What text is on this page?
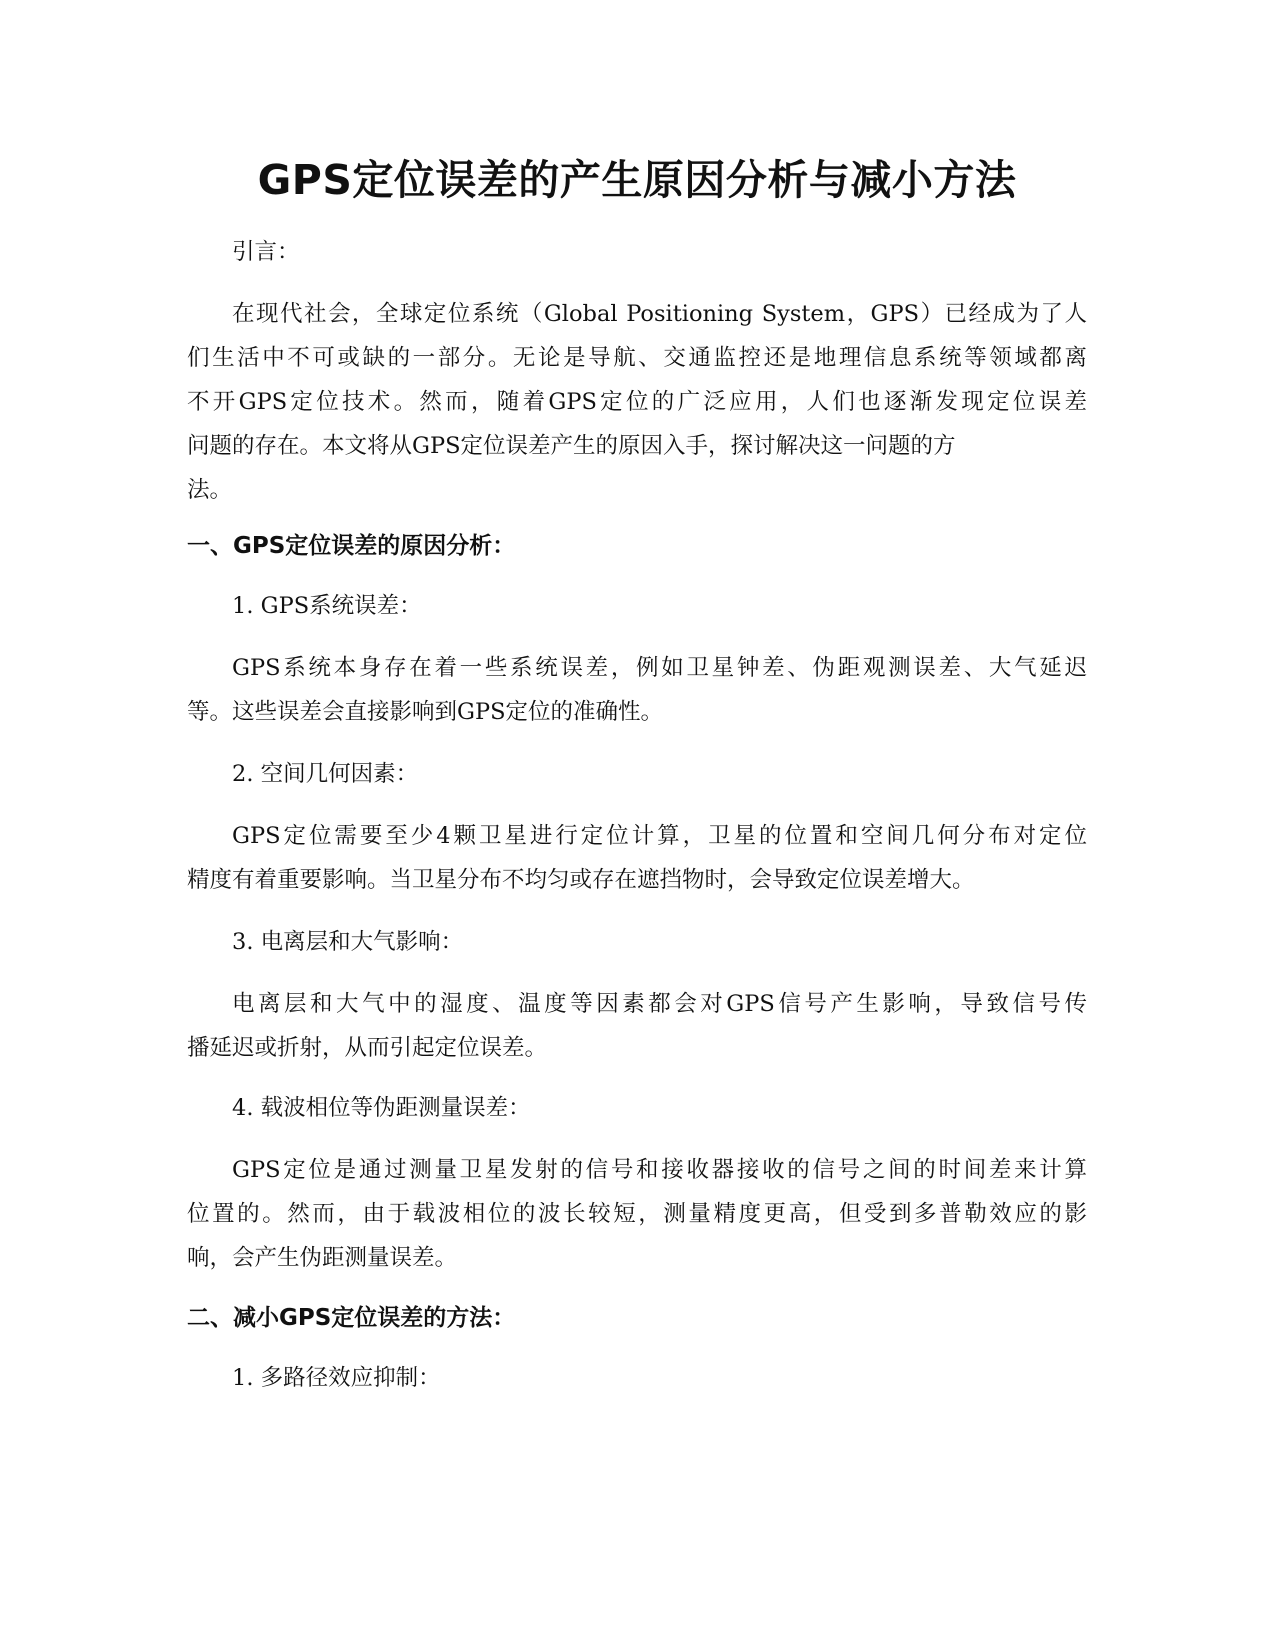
GPS定位误差的产生原因分析与减小方法
引言：
在现代社会，全球定位系统（Global Positioning System，GPS）已经成为了人
们生活中不可或缺的一部分。无论是导航、交通监控还是地理信息系统等领域都离
不开GPS定位技术。然而，随着GPS定位的广泛应用，人们也逐渐发现定位误差
问题的存在。本文将从GPS定位误差产生的原因入手，探讨解决这一问题的方
法。
一、GPS定位误差的原因分析：
1. GPS系统误差：
GPS系统本身存在着一些系统误差，例如卫星钟差、伪距观测误差、大气延迟
等。这些误差会直接影响到GPS定位的准确性。
2. 空间几何因素：
GPS定位需要至少4颗卫星进行定位计算，卫星的位置和空间几何分布对定位
精度有着重要影响。当卫星分布不均匀或存在遮挡物时，会导致定位误差增大。
3. 电离层和大气影响：
电离层和大气中的湿度、温度等因素都会对GPS信号产生影响，导致信号传
播延迟或折射，从而引起定位误差。
4. 载波相位等伪距测量误差：
GPS定位是通过测量卫星发射的信号和接收器接收的信号之间的时间差来计算
位置的。然而，由于载波相位的波长较短，测量精度更高，但受到多普勒效应的影
响，会产生伪距测量误差。
二、减小GPS定位误差的方法：
1. 多路径效应抑制：
